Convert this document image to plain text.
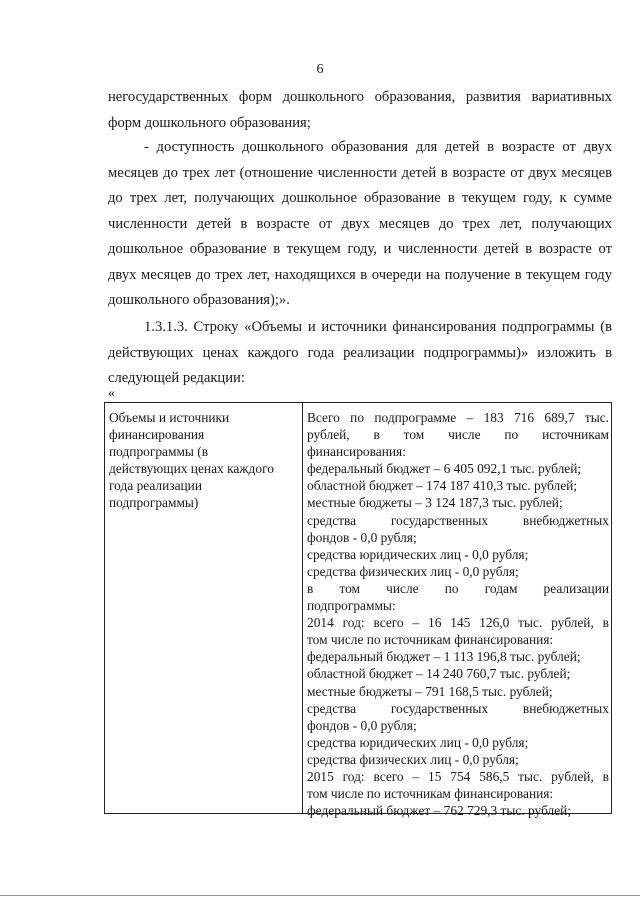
6

негосударственных форм дошкольного образования, развития вариативных форм дошкольного образования;

- доступность дошкольного образования для детей в возрасте от двух месяцев до трех лет (отношение численности детей в возрасте от двух месяцев до трех лет, получающих дошкольное образование в текущем году, к сумме численности детей в возрасте от двух месяцев до трех лет, получающих дошкольное образование в текущем году, и численности детей в возрасте от двух месяцев до трех лет, находящихся в очереди на получение в текущем году дошкольного образования);».

1.3.1.3. Строку «Объемы и источники финансирования подпрограммы (в действующих ценах каждого года реализации подпрограммы)» изложить в следующей редакции:

«
Объемы и источники
финансирования
подпрограммы (в
действующих ценах каждого
года реализации
подпрограммы)
Всего по подпрограмме – 183 716 689,7 тыс.
рублей, в том числе по источникам
финансирования:
федеральный бюджет – 6 405 092,1 тыс. рублей;
областной бюджет – 174 187 410,3 тыс. рублей;
местные бюджеты – 3 124 187,3 тыс. рублей;
средства государственных внебюджетных
фондов - 0,0 рубля;
средства юридических лиц - 0,0 рубля;
средства физических лиц - 0,0 рубля;
в том числе по годам реализации
подпрограммы:
2014 год: всего – 16 145 126,0 тыс. рублей, в
том числе по источникам финансирования:
федеральный бюджет – 1 113 196,8 тыс. рублей;
областной бюджет – 14 240 760,7 тыс. рублей;
местные бюджеты – 791 168,5 тыс. рублей;
средства государственных внебюджетных
фондов - 0,0 рубля;
средства юридических лиц - 0,0 рубля;
средства физических лиц - 0,0 рубля;
2015 год: всего – 15 754 586,5 тыс. рублей, в
том числе по источникам финансирования:
федеральный бюджет – 762 729,3 тыс. рублей;
